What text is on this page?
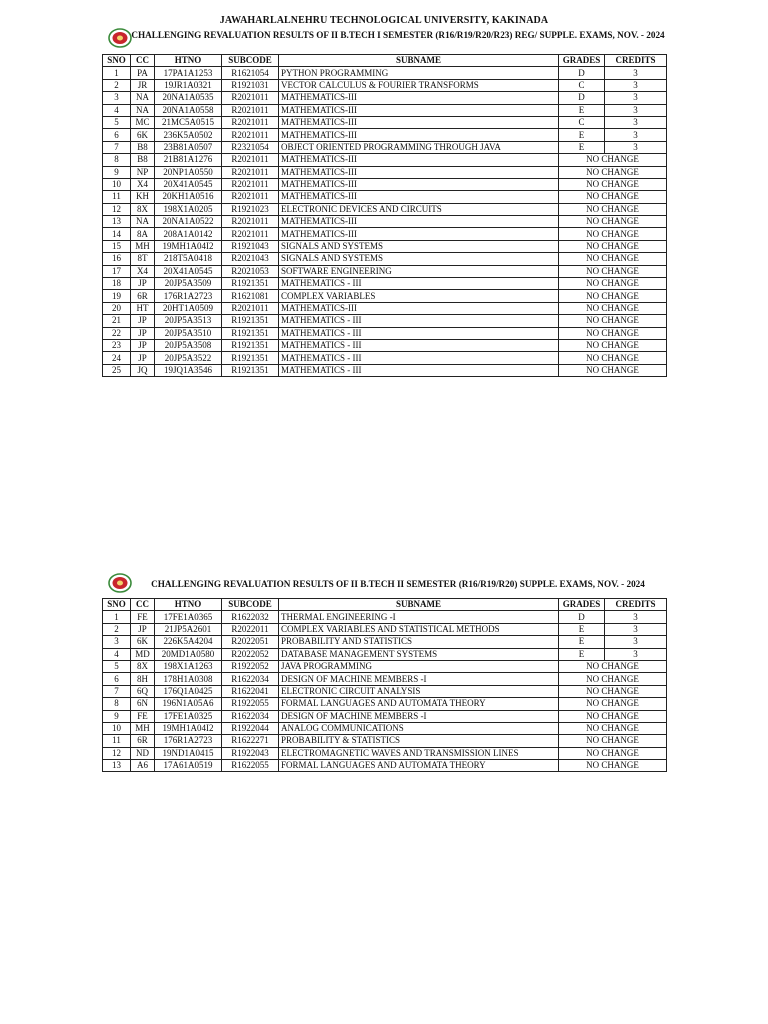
JAWAHARLALNEHRU TECHNOLOGICAL UNIVERSITY, KAKINADA
CHALLENGING REVALUATION RESULTS OF II B.TECH I SEMESTER (R16/R19/R20/R23) REG/ SUPPLE. EXAMS, NOV. - 2024
SNO	CC	HTNO	SUBCODE	SUBNAME	GRADES	CREDITS
1	PA	17PA1A1253	R1621054	PYTHON PROGRAMMING	D	3
2	JR	19JR1A0321	R1921031	VECTOR CALCULUS & FOURIER TRANSFORMS	C	3
3	NA	20NA1A0535	R2021011	MATHEMATICS-III	D	3
4	NA	20NA1A0558	R2021011	MATHEMATICS-III	E	3
5	MC	21MC5A0515	R2021011	MATHEMATICS-III	C	3
6	6K	236K5A0502	R2021011	MATHEMATICS-III	E	3
7	B8	23B81A0507	R2321054	OBJECT ORIENTED PROGRAMMING THROUGH JAVA	E	3
8	B8	21B81A1276	R2021011	MATHEMATICS-III	NO CHANGE	
9	NP	20NP1A0550	R2021011	MATHEMATICS-III	NO CHANGE	
10	X4	20X41A0545	R2021011	MATHEMATICS-III	NO CHANGE	
11	KH	20KH1A0516	R2021011	MATHEMATICS-III	NO CHANGE	
12	8X	198X1A0205	R1921023	ELECTRONIC DEVICES AND CIRCUITS	NO CHANGE	
13	NA	20NA1A0522	R2021011	MATHEMATICS-III	NO CHANGE	
14	8A	208A1A0142	R2021011	MATHEMATICS-III	NO CHANGE	
15	MH	19MH1A04I2	R1921043	SIGNALS AND SYSTEMS	NO CHANGE	
16	8T	218T5A0418	R2021043	SIGNALS AND SYSTEMS	NO CHANGE	
17	X4	20X41A0545	R2021053	SOFTWARE ENGINEERING	NO CHANGE	
18	JP	20JP5A3509	R1921351	MATHEMATICS - III	NO CHANGE	
19	6R	176R1A2723	R1621081	COMPLEX VARIABLES	NO CHANGE	
20	HT	20HT1A0509	R2021011	MATHEMATICS-III	NO CHANGE	
21	JP	20JP5A3513	R1921351	MATHEMATICS - III	NO CHANGE	
22	JP	20JP5A3510	R1921351	MATHEMATICS - III	NO CHANGE	
23	JP	20JP5A3508	R1921351	MATHEMATICS - III	NO CHANGE	
24	JP	20JP5A3522	R1921351	MATHEMATICS - III	NO CHANGE	
25	JQ	19JQ1A3546	R1921351	MATHEMATICS - III	NO CHANGE	
CHALLENGING REVALUATION RESULTS OF II B.TECH II SEMESTER (R16/R19/R20) SUPPLE. EXAMS, NOV. - 2024
SNO	CC	HTNO	SUBCODE	SUBNAME	GRADES	CREDITS
1	FE	17FE1A0365	R1622032	THERMAL ENGINEERING -I	D	3
2	JP	21JP5A2601	R2022011	COMPLEX VARIABLES AND STATISTICAL METHODS	E	3
3	6K	226K5A4204	R2022051	PROBABILITY AND STATISTICS	E	3
4	MD	20MD1A0580	R2022052	DATABASE MANAGEMENT SYSTEMS	E	3
5	8X	198X1A1263	R1922052	JAVA PROGRAMMING	NO CHANGE	
6	8H	178H1A0308	R1622034	DESIGN OF MACHINE MEMBERS -I	NO CHANGE	
7	6Q	176Q1A0425	R1622041	ELECTRONIC CIRCUIT ANALYSIS	NO CHANGE	
8	6N	196N1A05A6	R1922055	FORMAL LANGUAGES AND AUTOMATA THEORY	NO CHANGE	
9	FE	17FE1A0325	R1622034	DESIGN OF MACHINE MEMBERS -I	NO CHANGE	
10	MH	19MH1A04I2	R1922044	ANALOG COMMUNICATIONS	NO CHANGE	
11	6R	176R1A2723	R1622271	PROBABILITY & STATISTICS	NO CHANGE	
12	ND	19ND1A0415	R1922043	ELECTROMAGNETIC WAVES AND TRANSMISSION LINES	NO CHANGE	
13	A6	17A61A0519	R1622055	FORMAL LANGUAGES AND AUTOMATA THEORY	NO CHANGE	
